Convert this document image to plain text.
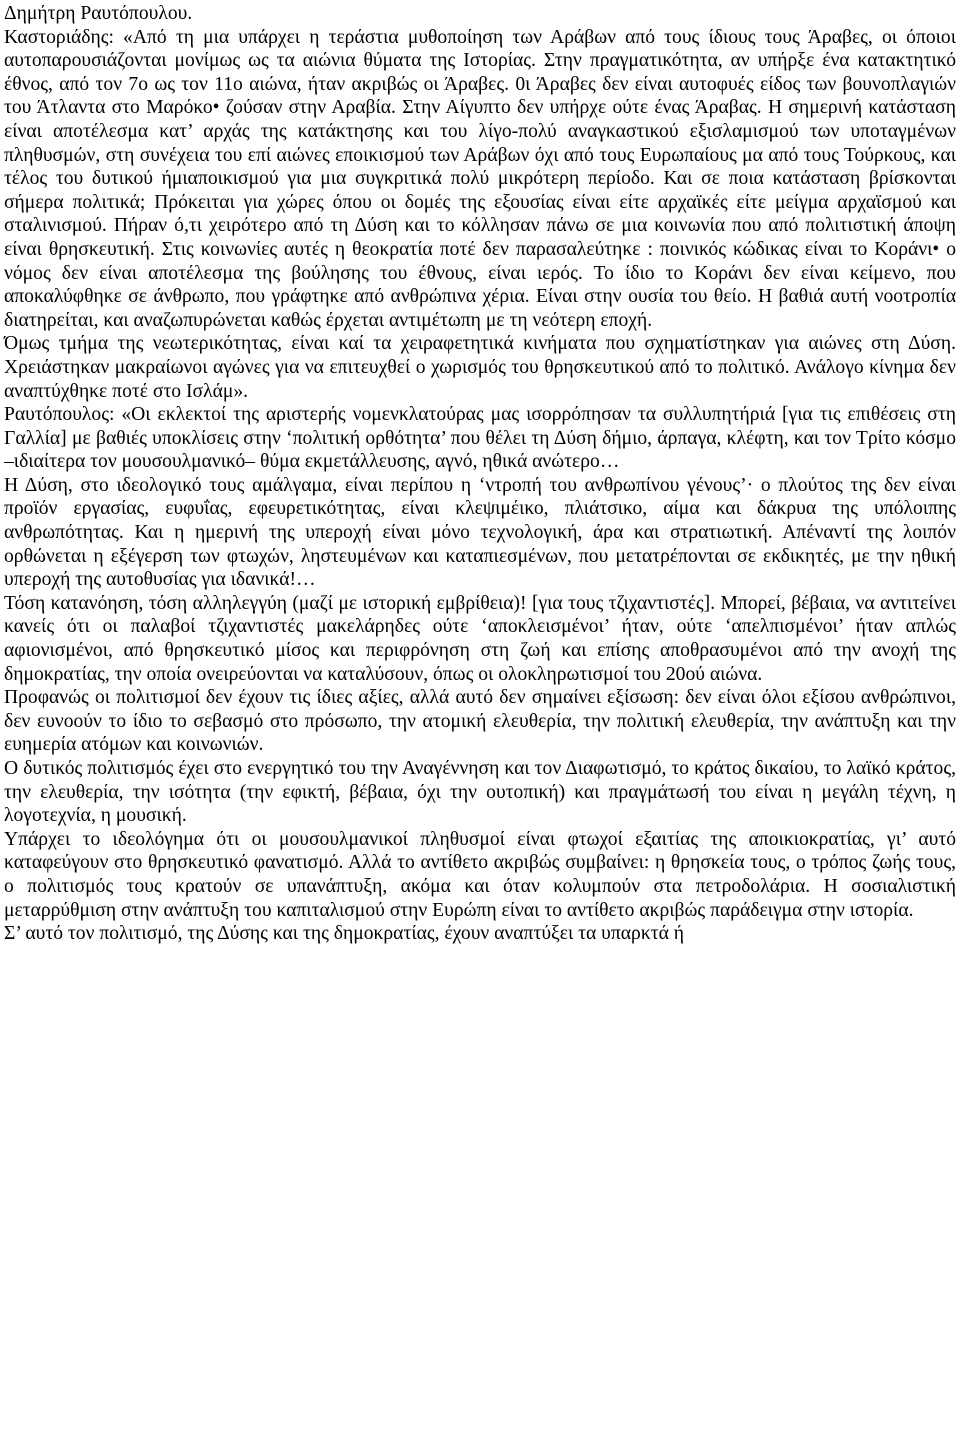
Δημήτρη Ραυτόπουλου.

Καστοριάδης: «Από τη μια υπάρχει η τεράστια μυθοποίηση των Αράβων από τους ίδιους τους Άραβες, οι όποιοι αυτοπαρουσιάζονται μονίμως ως τα αιώνια θύματα της Ιστορίας. Στην πραγματικότητα, αν υπήρξε ένα κατακτητικό έθνος, από τον 7ο ως τον 11ο αιώνα, ήταν ακριβώς οι Άραβες. 0ι Άραβες δεν είναι αυτοφυές είδος των βουνοπλαγιών του Άτλαντα στο Μαρόκο• ζούσαν στην Αραβία. Στην Αίγυπτο δεν υπήρχε ούτε ένας Άραβας. Η σημερινή κατάσταση είναι αποτέλεσμα κατ’ αρχάς της κατάκτησης και του λίγο-πολύ αναγκαστικού εξισλαμισμού των υποταγμένων πληθυσμών, στη συνέχεια του επί αιώνες εποικισμού των Αράβων όχι από τους Ευρωπαίους μα από τους Τούρκους, και τέλος του δυτικού ήμιαποικισμού για μια συγκριτικά πολύ μικρότερη περίοδο. Και σε ποια κατάσταση βρίσκονται σήμερα πολιτικά; Πρόκειται για χώρες όπου οι δομές της εξουσίας είναι είτε αρχαϊκές είτε μείγμα αρχαϊσμού και σταλινισμού. Πήραν ό,τι χειρότερο από τη Δύση και το κόλλησαν πάνω σε μια κοινωνία που από πολιτιστική άποψη είναι θρησκευτική. Στις κοινωνίες αυτές η θεοκρατία ποτέ δεν παρασαλεύτηκε : ποινικός κώδικας είναι το Κοράνι• ο νόμος δεν είναι αποτέλεσμα της βούλησης του έθνους, είναι ιερός. Το ίδιο το Κοράνι δεν είναι κείμενο, που αποκαλύφθηκε σε άνθρωπο, που γράφτηκε από ανθρώπινα χέρια. Είναι στην ουσία του θείο. Η βαθιά αυτή νοοτροπία διατηρείται, και αναζωπυρώνεται καθώς έρχεται αντιμέτωπη με τη νεότερη εποχή.

Όμως τμήμα της νεωτερικότητας, είναι καί τα χειραφετητικά κινήματα που σχηματίστηκαν για αιώνες στη Δύση. Χρειάστηκαν μακραίωνοι αγώνες για να επιτευχθεί ο χωρισμός του θρησκευτικού από το πολιτικό. Ανάλογο κίνημα δεν αναπτύχθηκε ποτέ στο Ισλάμ».

Ραυτόπουλος: «Οι εκλεκτοί της αριστερής νομενκλατούρας μας ισορρόπησαν τα συλλυπητήριά [για τις επιθέσεις στη Γαλλία] με βαθιές υποκλίσεις στην ‘πολιτική ορθότητα’ που θέλει τη Δύση δήμιο, άρπαγα, κλέφτη, και τον Τρίτο κόσμο –ιδιαίτερα τον μουσουλμανικό– θύμα εκμετάλλευσης, αγνό, ηθικά ανώτερο…

Η Δύση, στο ιδεολογικό τους αμάλγαμα, είναι περίπου η ‘ντροπή του ανθρωπίνου γένους’· ο πλούτος της δεν είναι προϊόν εργασίας, ευφυΐας, εφευρετικότητας, είναι κλεψιμέικο, πλιάτσικο, αίμα και δάκρυα της υπόλοιπης ανθρωπότητας. Και η ημερινή της υπεροχή είναι μόνο τεχνολογική, άρα και στρατιωτική. Απέναντί της λοιπόν ορθώνεται η εξέγερση των φτωχών, ληστευμένων και καταπιεσμένων, που μετατρέπονται σε εκδικητές, με την ηθική υπεροχή της αυτοθυσίας για ιδανικά!…

Τόση κατανόηση, τόση αλληλεγγύη (μαζί με ιστορική εμβρίθεια)! [για τους τζιχαντιστές]. Μπορεί, βέβαια, να αντιτείνει κανείς ότι οι παλαβοί τζιχαντιστές μακελάρηδες ούτε ‘αποκλεισμένοι’ ήταν, ούτε ‘απελπισμένοι’ ήταν απλώς αφιονισμένοι, από θρησκευτικό μίσος και περιφρόνηση στη ζωή και επίσης αποθρασυμένοι από την ανοχή της δημοκρατίας, την οποία ονειρεύονται να καταλύσουν, όπως οι ολοκληρωτισμοί του 20ού αιώνα.

Προφανώς οι πολιτισμοί δεν έχουν τις ίδιες αξίες, αλλά αυτό δεν σημαίνει εξίσωση: δεν είναι όλοι εξίσου ανθρώπινοι, δεν ευνοούν το ίδιο το σεβασμό στο πρόσωπο, την ατομική ελευθερία, την πολιτική ελευθερία, την ανάπτυξη και την ευημερία ατόμων και κοινωνιών.

Ο δυτικός πολιτισμός έχει στο ενεργητικό του την Αναγέννηση και τον Διαφωτισμό, το κράτος δικαίου, το λαϊκό κράτος, την ελευθερία, την ισότητα (την εφικτή, βέβαια, όχι την ουτοπική) και πραγμάτωσή του είναι η μεγάλη τέχνη, η λογοτεχνία, η μουσική.

Υπάρχει το ιδεολόγημα ότι οι μουσουλμανικοί πληθυσμοί είναι φτωχοί εξαιτίας της αποικιοκρατίας, γι’ αυτό καταφεύγουν στο θρησκευτικό φανατισμό. Αλλά το αντίθετο ακριβώς συμβαίνει: η θρησκεία τους, ο τρόπος ζωής τους, ο πολιτισμός τους κρατούν σε υπανάπτυξη, ακόμα και όταν κολυμπούν στα πετροδολάρια. Η σοσιαλιστική μεταρρύθμιση στην ανάπτυξη του καπιταλισμού στην Ευρώπη είναι το αντίθετο ακριβώς παράδειγμα στην ιστορία.

Σ’ αυτό τον πολιτισμό, της Δύσης και της δημοκρατίας, έχουν αναπτύξει τα υπαρκτά ή
